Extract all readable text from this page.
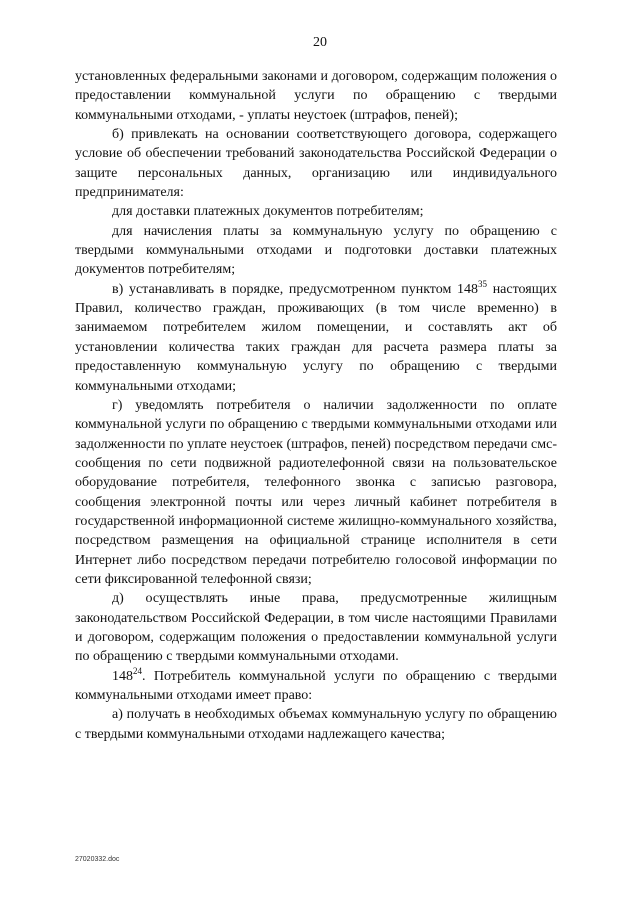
20

установленных федеральными законами и договором, содержащим положения о предоставлении коммунальной услуги по обращению с твердыми коммунальными отходами, - уплаты неустоек (штрафов, пеней);

б) привлекать на основании соответствующего договора, содержащего условие об обеспечении требований законодательства Российской Федерации о защите персональных данных, организацию или индивидуального предпринимателя:

для доставки платежных документов потребителям;

для начисления платы за коммунальную услугу по обращению с твердыми коммунальными отходами и подготовки доставки платежных документов потребителям;

в) устанавливать в порядке, предусмотренном пунктом $148^{35}$ настоящих Правил, количество граждан, проживающих (в том числе временно) в занимаемом потребителем жилом помещении, и составлять акт об установлении количества таких граждан для расчета размера платы за предоставленную коммунальную услугу по обращению с твердыми коммунальными отходами;

г) уведомлять потребителя о наличии задолженности по оплате коммунальной услуги по обращению с твердыми коммунальными отходами или задолженности по уплате неустоек (штрафов, пеней) посредством передачи смс-сообщения по сети подвижной радиотелефонной связи на пользовательское оборудование потребителя, телефонного звонка с записью разговора, сообщения электронной почты или через личный кабинет потребителя в государственной информационной системе жилищно-коммунального хозяйства, посредством размещения на официальной странице исполнителя в сети Интернет либо посредством передачи потребителю голосовой информации по сети фиксированной телефонной связи;

д) осуществлять иные права, предусмотренные жилищным законодательством Российской Федерации, в том числе настоящими Правилами и договором, содержащим положения о предоставлении коммунальной услуги по обращению с твердыми коммунальными отходами.

$148^{24}$. Потребитель коммунальной услуги по обращению с твердыми коммунальными отходами имеет право:

а) получать в необходимых объемах коммунальную услугу по обращению с твердыми коммунальными отходами надлежащего качества;

27020332.doc
